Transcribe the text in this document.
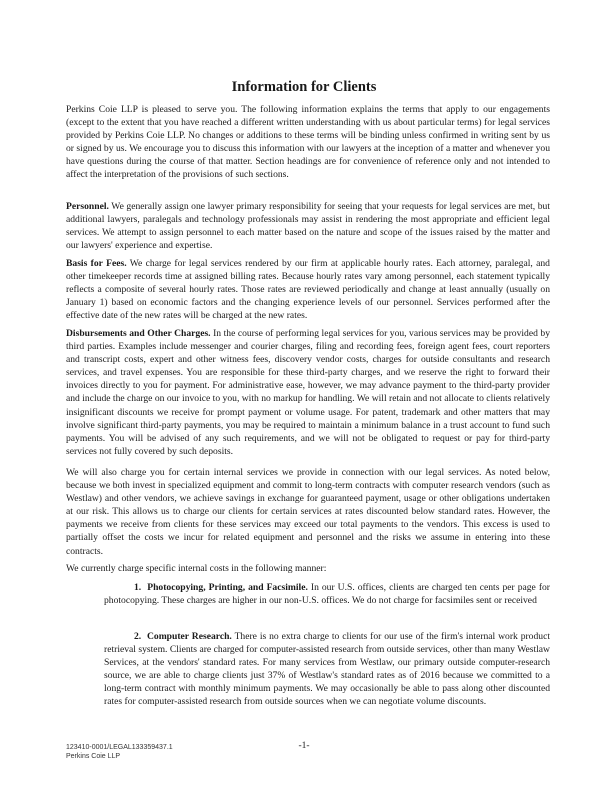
Information for Clients

Perkins Coie LLP is pleased to serve you. The following information explains the terms that apply to our engagements (except to the extent that you have reached a different written understanding with us about particular terms) for legal services provided by Perkins Coie LLP. No changes or additions to these terms will be binding unless confirmed in writing sent by us or signed by us. We encourage you to discuss this information with our lawyers at the inception of a matter and whenever you have questions during the course of that matter. Section headings are for convenience of reference only and not intended to affect the interpretation of the provisions of such sections.

Personnel. We generally assign one lawyer primary responsibility for seeing that your requests for legal services are met, but additional lawyers, paralegals and technology professionals may assist in rendering the most appropriate and efficient legal services. We attempt to assign personnel to each matter based on the nature and scope of the issues raised by the matter and our lawyers' experience and expertise.

Basis for Fees. We charge for legal services rendered by our firm at applicable hourly rates. Each attorney, paralegal, and other timekeeper records time at assigned billing rates. Because hourly rates vary among personnel, each statement typically reflects a composite of several hourly rates. Those rates are reviewed periodically and change at least annually (usually on January 1) based on economic factors and the changing experience levels of our personnel. Services performed after the effective date of the new rates will be charged at the new rates.

Disbursements and Other Charges. In the course of performing legal services for you, various services may be provided by third parties. Examples include messenger and courier charges, filing and recording fees, foreign agent fees, court reporters and transcript costs, expert and other witness fees, discovery vendor costs, charges for outside consultants and research services, and travel expenses. You are responsible for these third-party charges, and we reserve the right to forward their invoices directly to you for payment. For administrative ease, however, we may advance payment to the third-party provider and include the charge on our invoice to you, with no markup for handling. We will retain and not allocate to clients relatively insignificant discounts we receive for prompt payment or volume usage. For patent, trademark and other matters that may involve significant third-party payments, you may be required to maintain a minimum balance in a trust account to fund such payments. You will be advised of any such requirements, and we will not be obligated to request or pay for third-party services not fully covered by such deposits.

We will also charge you for certain internal services we provide in connection with our legal services. As noted below, because we both invest in specialized equipment and commit to long-term contracts with computer research vendors (such as Westlaw) and other vendors, we achieve savings in exchange for guaranteed payment, usage or other obligations undertaken at our risk. This allows us to charge our clients for certain services at rates discounted below standard rates. However, the payments we receive from clients for these services may exceed our total payments to the vendors. This excess is used to partially offset the costs we incur for related equipment and personnel and the risks we assume in entering into these contracts.

We currently charge specific internal costs in the following manner:

1. Photocopying, Printing, and Facsimile. In our U.S. offices, clients are charged ten cents per page for photocopying. These charges are higher in our non-U.S. offices. We do not charge for facsimiles sent or received

2. Computer Research. There is no extra charge to clients for our use of the firm's internal work product retrieval system. Clients are charged for computer-assisted research from outside services, other than many Westlaw Services, at the vendors' standard rates. For many services from Westlaw, our primary outside computer-research source, we are able to charge clients just 37% of Westlaw's standard rates as of 2016 because we committed to a long-term contract with monthly minimum payments. We may occasionally be able to pass along other discounted rates for computer-assisted research from outside sources when we can negotiate volume discounts.

123410-0001/LEGAL133359437.1
Perkins Coie LLP
-1-
